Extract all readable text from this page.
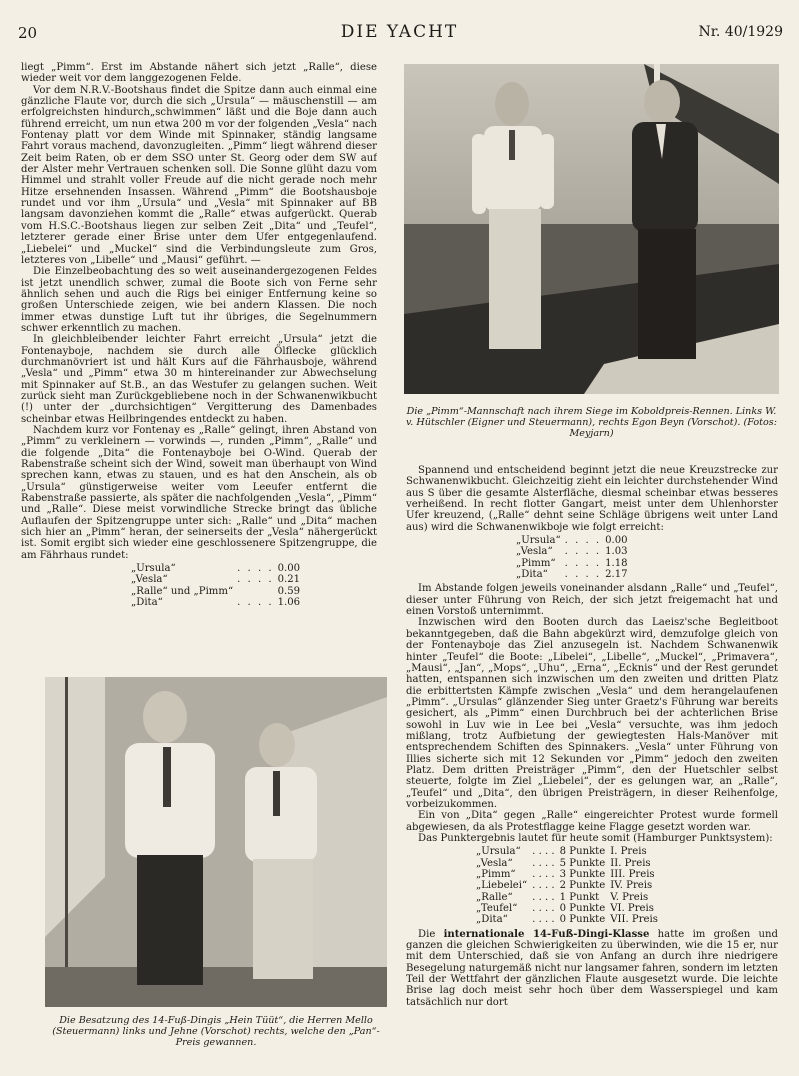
20	DIE YACHT	Nr. 40/1929

liegt „Pimm“. Erst im Abstande nähert sich jetzt „Ralle“, diese wieder weit vor dem langgezogenen Felde.

Vor dem N.R.V.-Bootshaus findet die Spitze dann auch einmal eine gänzliche Flaute vor, durch die sich „Ursula“ — mäuschenstill — am erfolgreichsten hindurch„schwimmen“ läßt und die Boje dann auch führend erreicht, um nun etwa 200 m vor der folgenden „Vesla“ nach Fontenay platt vor dem Winde mit Spinnaker, ständig langsame Fahrt voraus machend, davonzugleiten. „Pimm“ liegt während dieser Zeit beim Raten, ob er dem SSO unter St. Georg oder dem SW auf der Alster mehr Vertrauen schenken soll. Die Sonne glüht dazu vom Himmel und strahlt voller Freude auf die nicht gerade noch mehr Hitze ersehnenden Insassen. Während „Pimm“ die Bootshausboje rundet und vor ihm „Ursula“ und „Vesla“ mit Spinnaker auf BB langsam davonziehen kommt die „Ralle“ etwas aufgerückt. Querab vom H.S.C.-Bootshaus liegen zur selben Zeit „Dita“ und „Teufel“, letzterer gerade einer Brise unter dem Ufer entgegenlaufend. „Liebelei“ und „Muckel“ sind die Verbindungsleute zum Gros, letzteres von „Libelle“ und „Mausi“ geführt. —

Die Einzelbeobachtung des so weit auseinandergezogenen Feldes ist jetzt unendlich schwer, zumal die Boote sich von Ferne sehr ähnlich sehen und auch die Rigs bei einiger Entfernung keine so großen Unterschiede zeigen, wie bei andern Klassen. Die noch immer etwas dunstige Luft tut ihr übriges, die Segelnummern schwer erkenntlich zu machen.

In gleichbleibender leichter Fahrt erreicht „Ursula“ jetzt die Fontenayboje, nachdem sie durch alle Ölflecke glücklich durchmanövriert ist und hält Kurs auf die Fährhausboje, während „Vesla“ und „Pimm“ etwa 30 m hintereinander zur Abwechselung mit Spinnaker auf St.B., an das Westufer zu gelangen suchen. Weit zurück sieht man Zurückgebliebene noch in der Schwanenwikbucht (!) unter der „durchsichtigen“ Vergitterung des Damenbades scheinbar etwas Heilbringendes entdeckt zu haben.

Nachdem kurz vor Fontenay es „Ralle“ gelingt, ihren Abstand von „Pimm“ zu verkleinern — vorwinds —, runden „Pimm“, „Ralle“ und die folgende „Dita“ die Fontenayboje bei O-Wind. Querab der Rabenstraße scheint sich der Wind, soweit man überhaupt von Wind sprechen kann, etwas zu stauen, und es hat den Anschein, als ob „Ursula“ günstigerweise weiter vom Leeufer entfernt die Rabenstraße passierte, als später die nachfolgenden „Vesla“, „Pimm“ und „Ralle“. Diese meist vorwindliche Strecke bringt das übliche Auflaufen der Spitzengruppe unter sich: „Ralle“ und „Dita“ machen sich hier an „Pimm“ heran, der seinerseits der „Vesla“ nähergerückt ist. Somit ergibt sich wieder eine geschlossenere Spitzengruppe, die am Fährhaus rundet:

„Ursula“	. . . .	0.00
„Vesla“	. . . .	0.21
„Ralle“ und „Pimm“		0.59
„Dita“	. . . .	1.06
Die „Pimm“-Mannschaft nach ihrem Siege im Koboldpreis-Rennen. Links W. v. Hütschler (Eigner und Steuermann), rechts Egon Beyn (Vorschot). (Fotos: Meyjarn)
Die Besatzung des 14-Fuß-Dingis „Hein Tüüt“, die Herren Mello (Steuermann) links und Jehne (Vorschot) rechts, welche den „Pan“-Preis gewannen.

Spannend und entscheidend beginnt jetzt die neue Kreuzstrecke zur Schwanenwikbucht. Gleichzeitig zieht ein leichter durchstehender Wind aus S über die gesamte Alsterfläche, diesmal scheinbar etwas besseres verheißend. In recht flotter Gangart, meist unter dem Uhlenhorster Ufer kreuzend, („Ralle“ dehnt seine Schläge übrigens weit unter Land aus) wird die Schwanenwikboje wie folgt erreicht:

„Ursula“	. . . .	0.00
„Vesla“	. . . .	1.03
„Pimm“	. . . .	1.18
„Dita“	. . . .	2.17

Im Abstande folgen jeweils voneinander alsdann „Ralle“ und „Teufel“, dieser unter Führung von Reich, der sich jetzt freigemacht hat und einen Vorstoß unternimmt.

Inzwischen wird den Booten durch das Laeisz'sche Begleitboot bekanntgegeben, daß die Bahn abgekürzt wird, demzufolge gleich von der Fontenayboje das Ziel anzusegeln ist. Nachdem Schwanenwik hinter „Teufel“ die Boote: „Libelei“, „Libelle“, „Muckel“, „Primavera“, „Mausi“, „Jan“, „Mops“, „Uhu“, „Erna“, „Ecknis“ und der Rest gerundet hatten, entspannen sich inzwischen um den zweiten und dritten Platz die erbittertsten Kämpfe zwischen „Vesla“ und dem herangelaufenen „Pimm“. „Ursulas“ glänzender Sieg unter Graetz's Führung war bereits gesichert, als „Pimm“ einen Durchbruch bei der achterlichen Brise sowohl in Luv wie in Lee bei „Vesla“ versuchte, was ihm jedoch mißlang, trotz Aufbietung der gewiegtesten Hals-Manöver mit entsprechendem Schiften des Spinnakers. „Vesla“ unter Führung von Illies sicherte sich mit 12 Sekunden vor „Pimm“ jedoch den zweiten Platz. Dem dritten Preisträger „Pimm“, den der Huetschler selbst steuerte, folgte im Ziel „Liebelei“, der es gelungen war, an „Ralle“, „Teufel“ und „Dita“, den übrigen Preisträgern, in dieser Reihenfolge, vorbeizukommen.

Ein von „Dita“ gegen „Ralle“ eingereichter Protest wurde formell abgewiesen, da als Protestflagge keine Flagge gesetzt worden war.

Das Punktergebnis lautet für heute somit (Hamburger Punktsystem):

„Ursula“	. . . .	8 Punkte	I. Preis
„Vesla“	. . . .	5 Punkte	II. Preis
„Pimm“	. . . .	3 Punkte	III. Preis
„Liebelei“	. . . .	2 Punkte	IV. Preis
„Ralle“	. . . .	1 Punkt	V. Preis
„Teufel“	. . . .	0 Punkte	VI. Preis
„Dita“	. . . .	0 Punkte	VII. Preis

Die internationale 14-Fuß-Dingi-Klasse hatte im großen und ganzen die gleichen Schwierigkeiten zu überwinden, wie die 15 er, nur mit dem Unterschied, daß sie von Anfang an durch ihre niedrigere Besegelung naturgemäß nicht nur langsamer fahren, sondern im letzten Teil der Wettfahrt der gänzlichen Flaute ausgesetzt wurde. Die leichte Brise lag doch meist sehr hoch über dem Wasserspiegel und kam tatsächlich nur dort
